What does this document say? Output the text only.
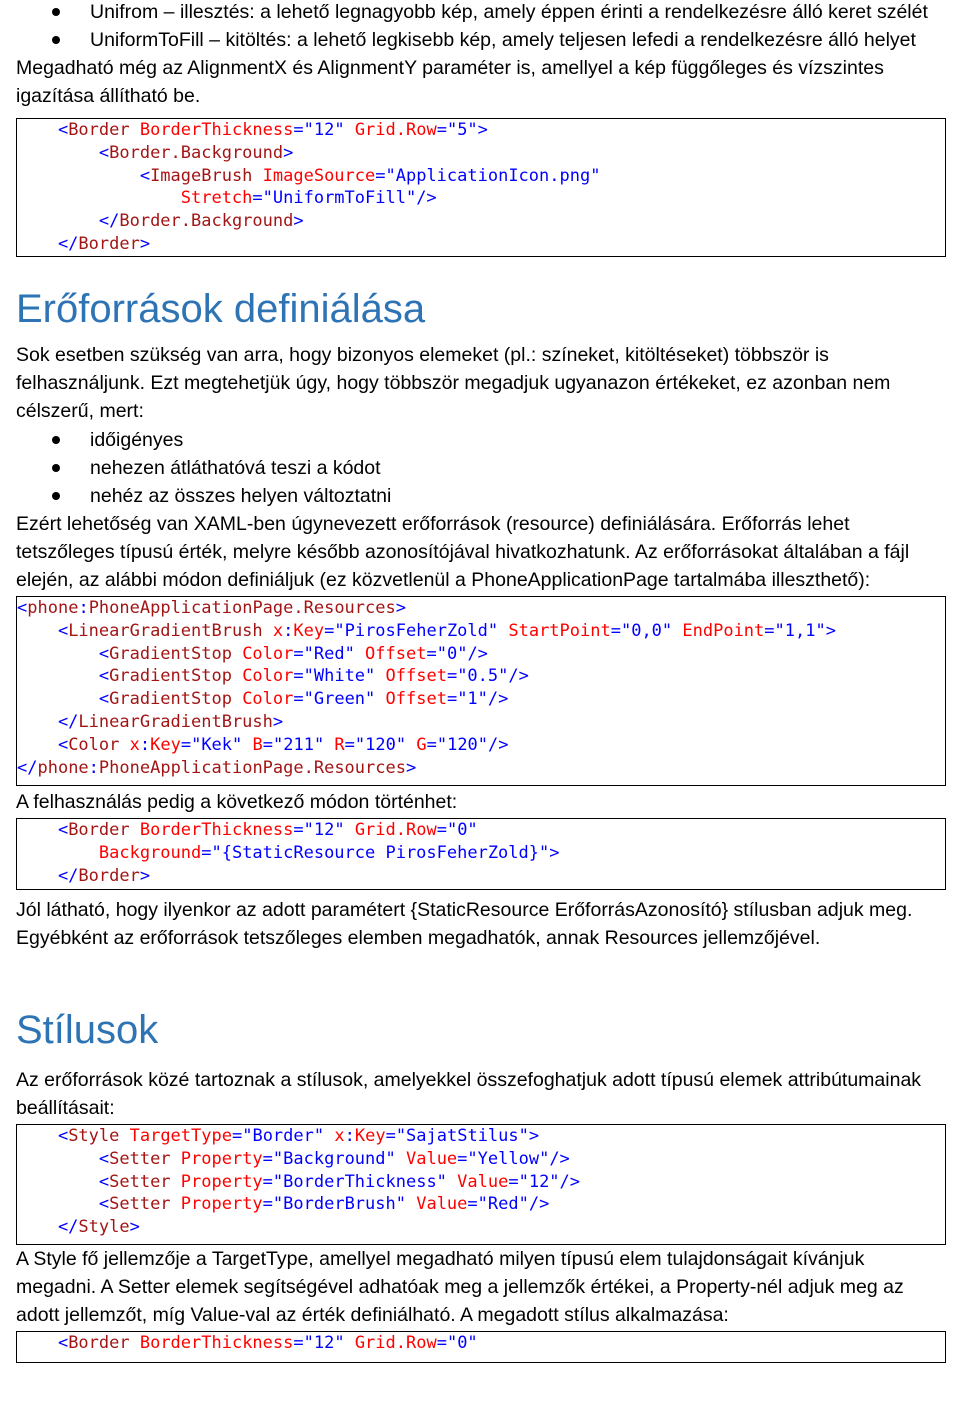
Unifrom – illesztés: a lehető legnagyobb kép, amely éppen érinti a rendelkezésre álló keret szélét
UniformToFill – kitöltés: a lehető legkisebb kép, amely teljesen lefedi a rendelkezésre álló helyet

Megadható még az AlignmentX és AlignmentY paraméter is, amellyel a kép függőleges és vízszintes igazítása állítható be.

<Border BorderThickness="12" Grid.Row="5">
<Border.Background>
<ImageBrush ImageSource="ApplicationIcon.png"
Stretch="UniformToFill"/>
</Border.Background>
</Border>
Erőforrások definiálása

Sok esetben szükség van arra, hogy bizonyos elemeket (pl.: színeket, kitöltéseket) többször is felhasználjunk. Ezt megtehetjük úgy, hogy többször megadjuk ugyanazon értékeket, ez azonban nem célszerű, mert:

időigényes
nehezen átláthatóvá teszi a kódot
nehéz az összes helyen változtatni

Ezért lehetőség van XAML-ben úgynevezett erőforrások (resource) definiálására. Erőforrás lehet tetszőleges típusú érték, melyre később azonosítójával hivatkozhatunk. Az erőforrásokat általában a fájl elején, az alábbi módon definiáljuk (ez közvetlenül a PhoneApplicationPage tartalmába illeszthető):

<phone:PhoneApplicationPage.Resources>
<LinearGradientBrush x:Key="PirosFeherZold" StartPoint="0,0" EndPoint="1,1">
<GradientStop Color="Red" Offset="0"/>
<GradientStop Color="White" Offset="0.5"/>
<GradientStop Color="Green" Offset="1"/>
</LinearGradientBrush>
<Color x:Key="Kek" B="211" R="120" G="120"/>
</phone:PhoneApplicationPage.Resources>

A felhasználás pedig a következő módon történhet:

<Border BorderThickness="12" Grid.Row="0"
Background="{StaticResource PirosFeherZold}">
</Border>

Jól látható, hogy ilyenkor az adott paramétert {StaticResource ErőforrásAzonosító} stílusban adjuk meg. Egyébként az erőforrások tetszőleges elemben megadhatók, annak Resources jellemzőjével.

Stílusok

Az erőforrások közé tartoznak a stílusok, amelyekkel összefoghatjuk adott típusú elemek attribútumainak beállításait:

<Style TargetType="Border" x:Key="SajatStilus">
<Setter Property="Background" Value="Yellow"/>
<Setter Property="BorderThickness" Value="12"/>
<Setter Property="BorderBrush" Value="Red"/>
</Style>

A Style fő jellemzője a TargetType, amellyel megadható milyen típusú elem tulajdonságait kívánjuk megadni. A Setter elemek segítségével adhatóak meg a jellemzők értékei, a Property-nél adjuk meg az adott jellemzőt, míg Value-val az érték definiálható. A megadott stílus alkalmazása:

<Border BorderThickness="12" Grid.Row="0"
